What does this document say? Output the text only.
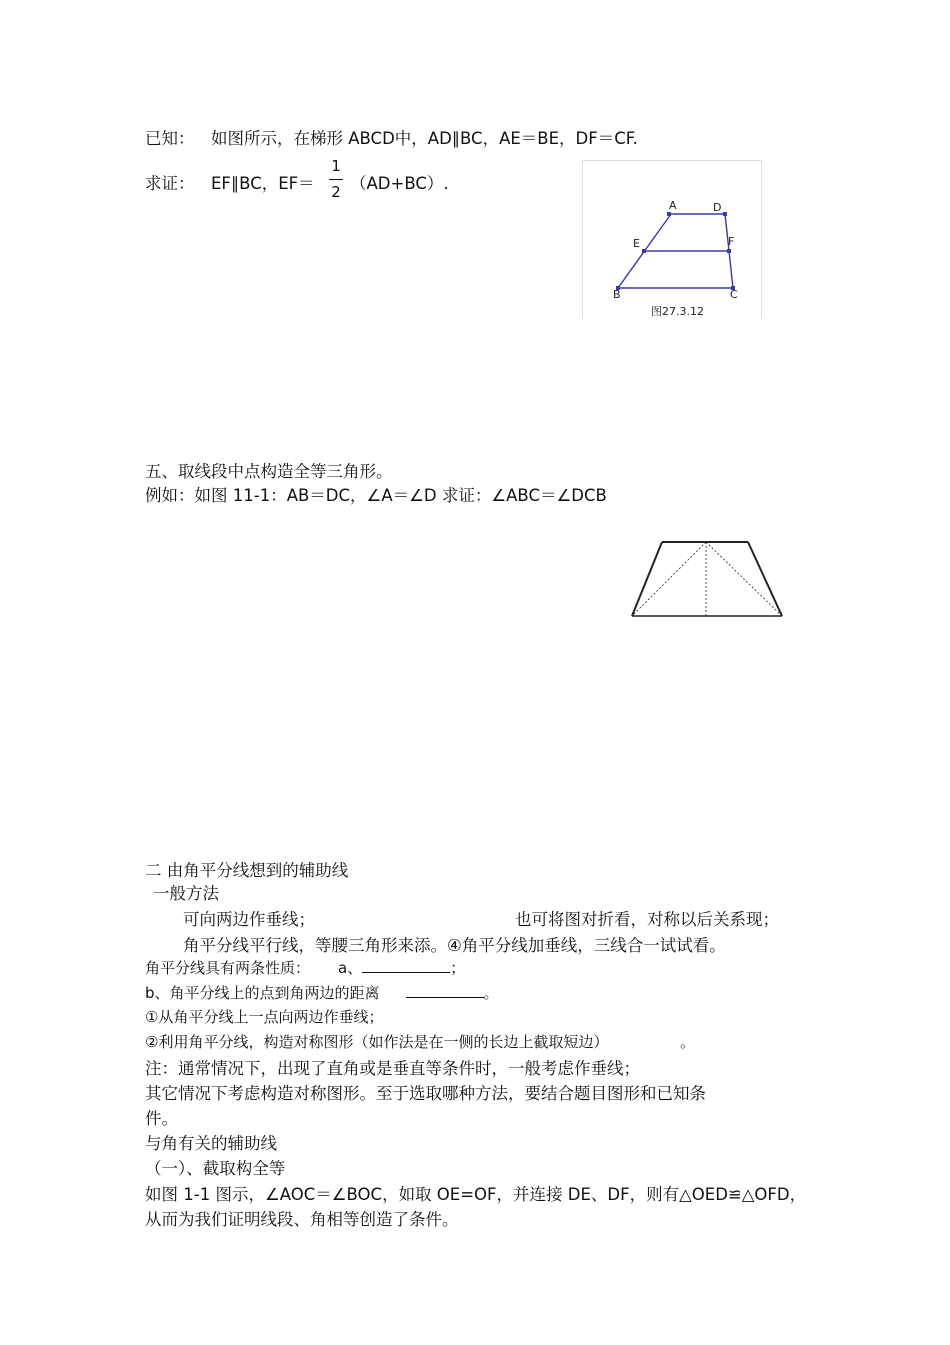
已知： 如图所示，在梯形 ABCD中，AD∥BC，AE＝BE，DF＝CF.
求证： EF∥BC，EF＝
1
2 （AD+BC）.
A	D
E	F
B	C
图27.3.12
五、取线段中点构造全等三角形。
例如：如图 11-1：AB＝DC，∠A＝∠D 求证：∠ABC＝∠DCB
二 由角平分线想到的辅助线
一般方法
可向两边作垂线；	也可将图对折看，对称以后关系现；
角平分线平行线，等腰三角形来添。④角平分线加垂线，三线合一试试看。
角平分线具有两条性质： a、	；
b、角平分线上的点到角两边的距离	。
①从角平分线上一点向两边作垂线；
②利用角平分线，构造对称图形（如作法是在一侧的长边上截取短边）	。
注：通常情况下，出现了直角或是垂直等条件时，一般考虑作垂线；
其它情况下考虑构造对称图形。至于选取哪种方法，要结合题目图形和已知条
件。
与角有关的辅助线
（一）、截取构全等
如图 1-1 图示，∠AOC＝∠BOC，如取 OE=OF，并连接 DE、DF，则有△OED≌△OFD，
从而为我们证明线段、角相等创造了条件。
